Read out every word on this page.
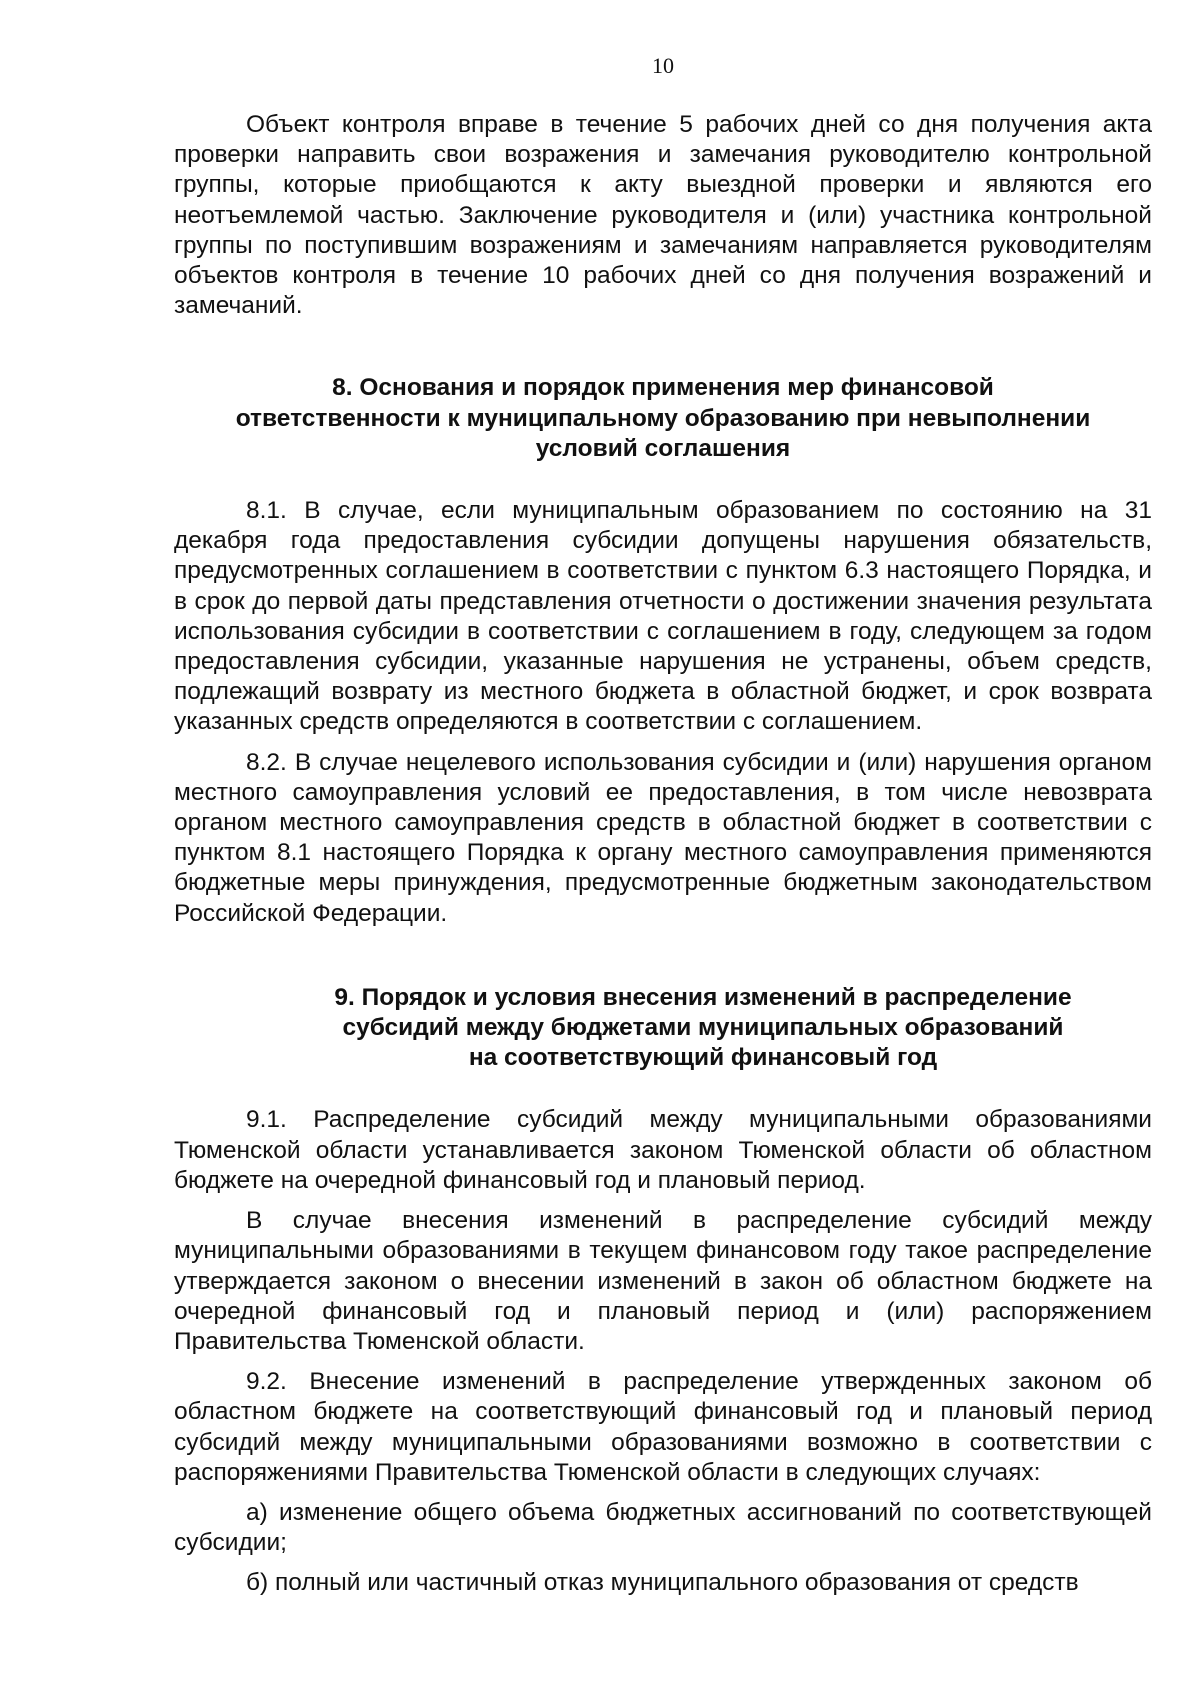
10

Объект контроля вправе в течение 5 рабочих дней со дня получения акта проверки направить свои возражения и замечания руководителю контрольной группы, которые приобщаются к акту выездной проверки и являются его неотъемлемой частью. Заключение руководителя и (или) участника контрольной группы по поступившим возражениям и замечаниям направляется руководителям объектов контроля в течение 10 рабочих дней со дня получения возражений и замечаний.

8. Основания и порядок применения мер финансовой
ответственности к муниципальному образованию при невыполнении
условий соглашения

8.1. В случае, если муниципальным образованием по состоянию на 31 декабря года предоставления субсидии допущены нарушения обязательств, предусмотренных соглашением в соответствии с пунктом 6.3 настоящего Порядка, и в срок до первой даты представления отчетности о достижении значения результата использования субсидии в соответствии с соглашением в году, следующем за годом предоставления субсидии, указанные нарушения не устранены, объем средств, подлежащий возврату из местного бюджета в областной бюджет, и срок возврата указанных средств определяются в соответствии с соглашением.

8.2. В случае нецелевого использования субсидии и (или) нарушения органом местного самоуправления условий ее предоставления, в том числе невозврата органом местного самоуправления средств в областной бюджет в соответствии с пунктом 8.1 настоящего Порядка к органу местного самоуправления применяются бюджетные меры принуждения, предусмотренные бюджетным законодательством Российской Федерации.

9. Порядок и условия внесения изменений в распределение
субсидий между бюджетами муниципальных образований
на соответствующий финансовый год

9.1. Распределение субсидий между муниципальными образованиями Тюменской области устанавливается законом Тюменской области об областном бюджете на очередной финансовый год и плановый период.

В случае внесения изменений в распределение субсидий между муниципальными образованиями в текущем финансовом году такое распределение утверждается законом о внесении изменений в закон об областном бюджете на очередной финансовый год и плановый период и (или) распоряжением Правительства Тюменской области.

9.2. Внесение изменений в распределение утвержденных законом об областном бюджете на соответствующий финансовый год и плановый период субсидий между муниципальными образованиями возможно в соответствии с распоряжениями Правительства Тюменской области в следующих случаях:

а) изменение общего объема бюджетных ассигнований по соответствующей субсидии;

б) полный или частичный отказ муниципального образования от средств
